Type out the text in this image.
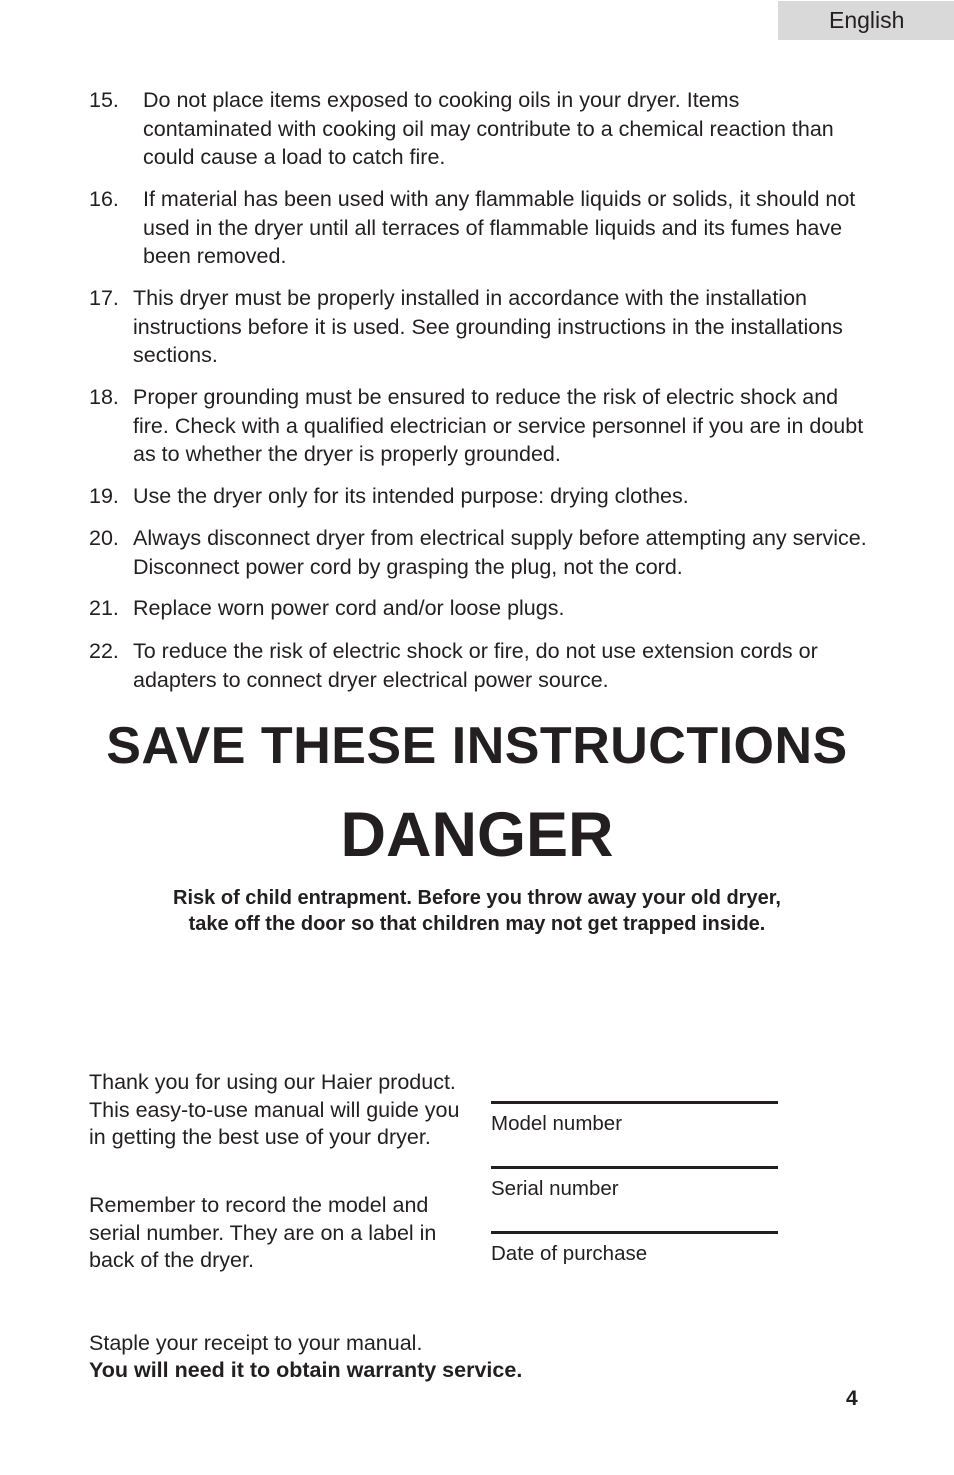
English
15.	Do not place items exposed to cooking oils in your dryer. Items contaminated with cooking oil may contribute to a chemical reaction than could cause a load to catch fire.
16.	If material has been used with any flammable liquids or solids, it should not used in the dryer until all terraces of flammable liquids and its fumes have been removed.
17. This dryer must be properly installed in accordance with the installation instructions before it is used. See grounding instructions in the installations sections.
18. Proper grounding must be ensured to reduce the risk of electric shock and fire. Check with a qualified electrician or service personnel if you are in doubt as to whether the dryer is properly grounded.
19. Use the dryer only for its intended purpose: drying clothes.
20. Always disconnect dryer from electrical supply before attempting any service. Disconnect power cord by grasping the plug, not the cord.
21. Replace worn power cord and/or loose plugs.
22. To reduce the risk of electric shock or fire, do not use extension cords or adapters to connect dryer electrical power source.
SAVE THESE INSTRUCTIONS
DANGER
Risk of child entrapment. Before you throw away your old dryer,
take off the door so that children may not get trapped inside.
Thank you for using our Haier product. This easy-to-use manual will guide you in getting the best use of your dryer.
Remember to record the model and serial number. They are on a label in back of the dryer.
Model number
Serial number
Date of purchase
Staple your receipt to your manual.
You will need it to obtain warranty service.
4
